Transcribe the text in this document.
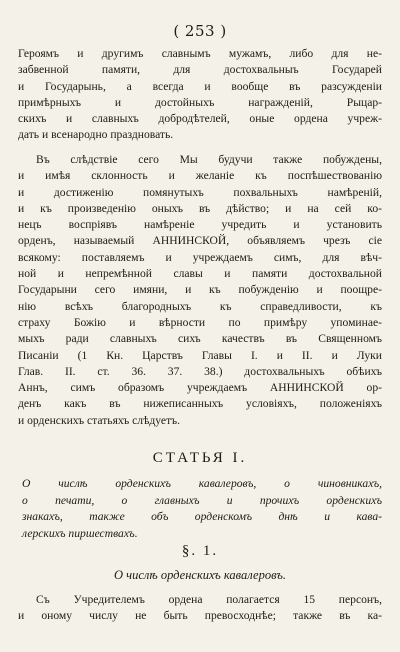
( 253 )
Героямъ и другимъ славнымъ мужамъ, либо для не-
забвенной памяти, для достохвальныъ Государей
и Государынь, а всегда и вообще въ разсужденіи
примѣрныхъ и достойныхъ награжденій, Рыцар-
скихъ и славныхъ добродѣтелей, оные ордена учреж-
дать и всенародно праздновать.
Въ слѣдствіе сего Мы будучи также побуждены,
и имѣя склонность и желаніе къ поспѣшествованію
и достиженію помянутыхъ похвальныхъ намѣреній,
и къ произведенію оныхъ въ дѣйство; и на сей ко-
нецъ воспріявъ намѣреніе учредить и установить
орденъ, называемый АННИНСКОЙ, объявляемъ чрезъ сіе
всякому: поставляемъ и учреждаемъ симъ, для вѣч-
ной и непремѣнной славы и памяти достохвальной
Государыни сего имяни, и къ побужденію и поощре-
нію всѣхъ благородныхъ къ справедливости, къ
страху Божію и вѣрности по примѣру упоминае-
мыхъ ради славныхъ сихъ качествъ въ Священномъ
Писаніи (1 Кн. Царствъ Главы I. и II. и Луки
Глав. II. ст. 36. 37. 38.) достохвальныхъ обѣихъ
Аннъ, симъ образомъ учреждаемъ АННИНСКОЙ ор-
денъ какъ въ нижеписанныхъ условіяхъ, положеніяхъ
и орденскихъ статьяхъ слѣдуетъ.
СТАТЬЯ I.
О числѣ орденскихъ кавалеровъ, о чиновникахъ,
о печати, о главныхъ и прочихъ орденскихъ
знакахъ, также объ орденскомъ днѣ и кава-
лерскихъ пиршествахъ.
§. 1.
О числѣ орденскихъ кавалеровъ.
Съ Учредителемъ ордена полагается 15 персонъ,
и оному числу не быть превосходнѣе; также въ ка-
